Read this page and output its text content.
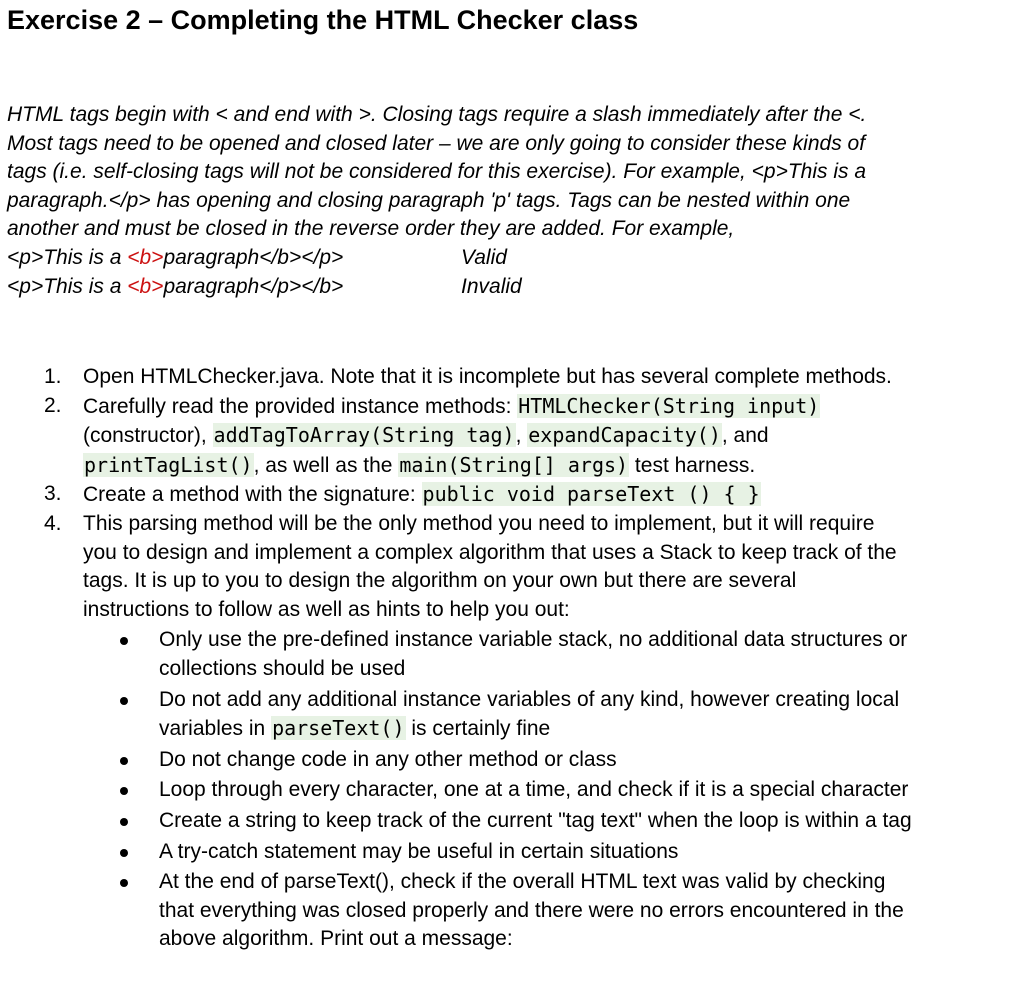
Exercise 2 – Completing the HTML Checker class
HTML tags begin with < and end with >. Closing tags require a slash immediately after the <.
Most tags need to be opened and closed later – we are only going to consider these kinds of
tags (i.e. self-closing tags will not be considered for this exercise). For example, <p>This is a
paragraph.</p> has opening and closing paragraph 'p' tags. Tags can be nested within one
another and must be closed in the reverse order they are added. For example,
<p>This is a <b>paragraph</b></p>	Valid
<p>This is a <b>paragraph</p></b>	Invalid
1. Open HTMLChecker.java. Note that it is incomplete but has several complete methods.
2. Carefully read the provided instance methods: HTMLChecker(String input)
(constructor), addTagToArray(String tag), expandCapacity(), and
printTagList(), as well as the main(String[] args) test harness.
3. Create a method with the signature: public void parseText () { }
4. This parsing method will be the only method you need to implement, but it will require
you to design and implement a complex algorithm that uses a Stack to keep track of the
tags. It is up to you to design the algorithm on your own but there are several
instructions to follow as well as hints to help you out:
Only use the pre-defined instance variable stack, no additional data structures or
collections should be used
Do not add any additional instance variables of any kind, however creating local
variables in parseText() is certainly fine
Do not change code in any other method or class
Loop through every character, one at a time, and check if it is a special character
Create a string to keep track of the current "tag text" when the loop is within a tag
A try-catch statement may be useful in certain situations
At the end of parseText(), check if the overall HTML text was valid by checking
that everything was closed properly and there were no errors encountered in the
above algorithm. Print out a message:
